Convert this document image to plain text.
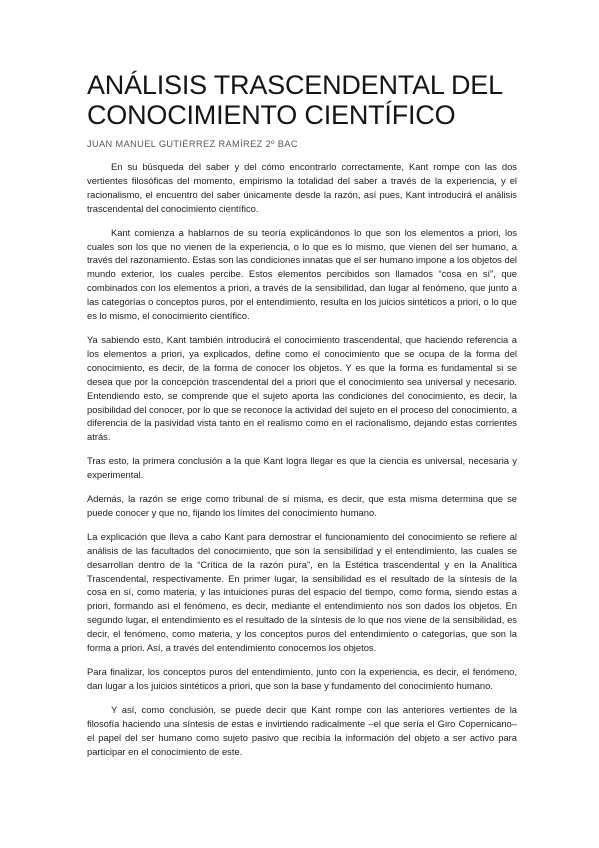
ANÁLISIS TRASCENDENTAL DEL
CONOCIMIENTO CIENTÍFICO
JUAN MANUEL GUTIÉRREZ RAMÍREZ 2º BAC

En su búsqueda del saber y del cómo encontrarlo correctamente, Kant rompe con las dos vertientes filosóficas del momento, empirismo la totalidad del saber a través de la experiencia, y el racionalismo, el encuentro del saber únicamente desde la razón, así pues, Kant introducirá el análisis trascendental del conocimiento científico.

Kant comienza a hablarnos de su teoría explicándonos lo que son los elementos a priori, los cuales son los que no vienen de la experiencia, o lo que es lo mismo, que vienen del ser humano, a través del razonamiento. Estas son las condiciones innatas que el ser humano impone a los objetos del mundo exterior, los cuales percibe. Estos elementos percibidos son llamados “cosa en sí”, que combinados con los elementos a priori, a través de la sensibilidad, dan lugar al fenómeno, que junto a las categorías o conceptos puros, por el entendimiento, resulta en los juicios sintéticos a priori, o lo que es lo mismo, el conocimiento científico.

Ya sabiendo esto, Kant también introducirá el conocimiento trascendental, que haciendo referencia a los elementos a priori, ya explicados, define como el conocimiento que se ocupa de la forma del conocimiento, es decir, de la forma de conocer los objetos. Y es que la forma es fundamental si se desea que por la concepción trascendental del a priori que el conocimiento sea universal y necesario. Entendiendo esto, se comprende que el sujeto aporta las condiciones del conocimiento, es decir, la posibilidad del conocer, por lo que se reconoce la actividad del sujeto en el proceso del conocimiento, a diferencia de la pasividad vista tanto en el realismo como en el racionalismo, dejando estas corrientes atrás.

Tras esto, la primera conclusión a la que Kant logra llegar es que la ciencia es universal, necesaria y experimental.

Además, la razón se erige como tribunal de sí misma, es decir, que esta misma determina que se puede conocer y que no, fijando los límites del conocimiento humano.

La explicación que lleva a cabo Kant para demostrar el funcionamiento del conocimiento se refiere al análisis de las facultados del conocimiento, que son la sensibilidad y el entendimiento, las cuales se desarrollan dentro de la “Crítica de la razón pura”, en la Estética trascendental y en la Analítica Trascendental, respectivamente. En primer lugar, la sensibilidad es el resultado de la síntesis de la cosa en sí, como materia, y las intuiciones puras del espacio del tiempo, como forma, siendo estas a priori, formando así el fenómeno, es decir, mediante el entendimiento nos son dados los objetos. En segundo lugar, el entendimiento es el resultado de la síntesis de lo que nos viene de la sensibilidad, es decir, el fenómeno, como materia, y los conceptos puros del entendimiento o categorías, que son la forma a priori. Así, a través del entendimiento conocemos los objetos.

Para finalizar, los conceptos puros del entendimiento, junto con la experiencia, es decir, el fenómeno, dan lugar a los juicios sintéticos a priori, que son la base y fundamento del conocimiento humano.

Y así, como conclusión, se puede decir que Kant rompe con las anteriores vertientes de la filosofía haciendo una síntesis de estas e invirtiendo radicalmente –el que sería el Giro Copernicano– el papel del ser humano como sujeto pasivo que recibía la información del objeto a ser activo para participar en el conocimiento de este.
